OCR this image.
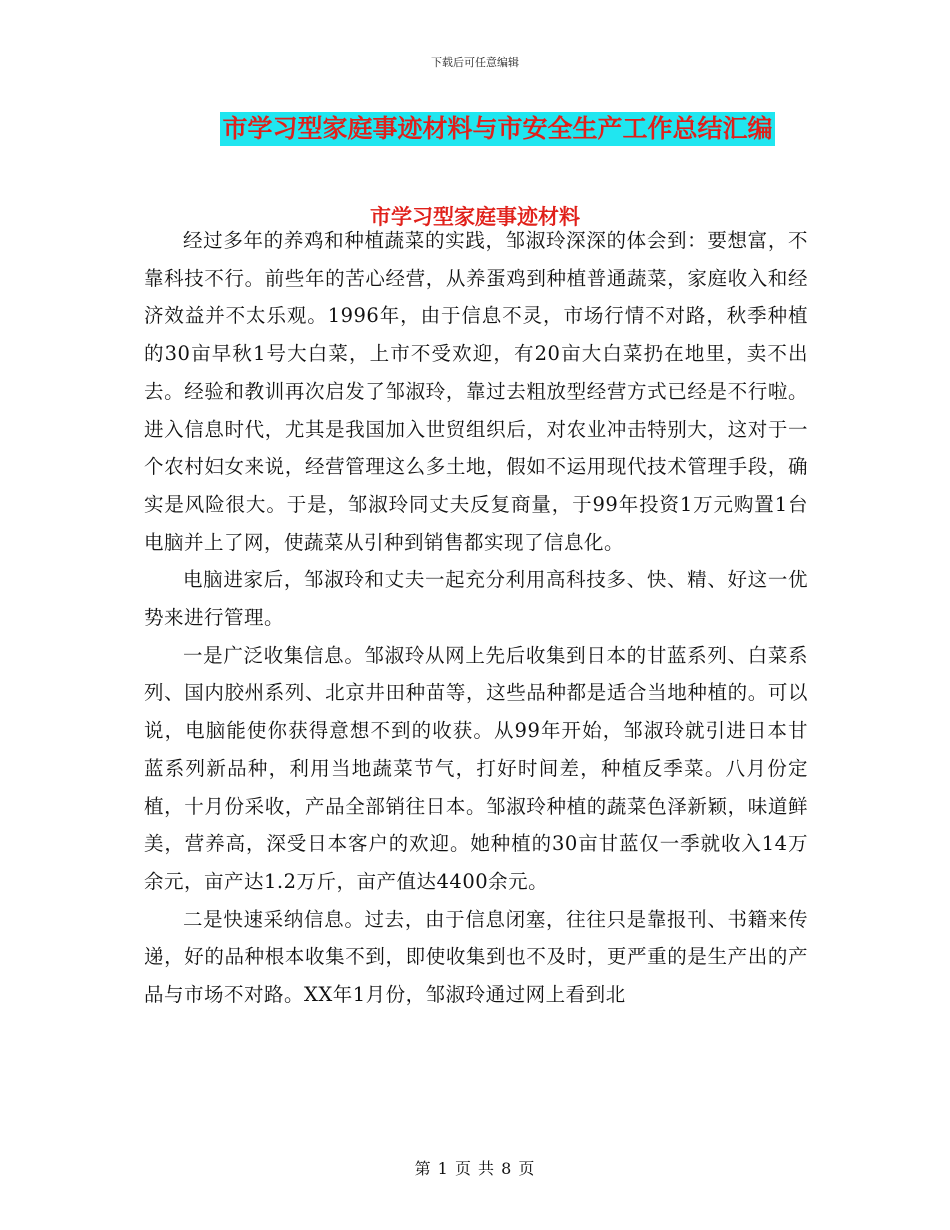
下载后可任意编辑
市学习型家庭事迹材料与市安全生产工作总结汇编
市学习型家庭事迹材料

经过多年的养鸡和种植蔬菜的实践，邹淑玲深深的体会到：要想富，不靠科技不行。前些年的苦心经营，从养蛋鸡到种植普通蔬菜，家庭收入和经济效益并不太乐观。1996年，由于信息不灵，市场行情不对路，秋季种植的30亩早秋1号大白菜，上市不受欢迎，有20亩大白菜扔在地里，卖不出去。经验和教训再次启发了邹淑玲，靠过去粗放型经营方式已经是不行啦。进入信息时代，尤其是我国加入世贸组织后，对农业冲击特别大，这对于一个农村妇女来说，经营管理这么多土地，假如不运用现代技术管理手段，确实是风险很大。于是，邹淑玲同丈夫反复商量，于99年投资1万元购置1台电脑并上了网，使蔬菜从引种到销售都实现了信息化。

电脑进家后，邹淑玲和丈夫一起充分利用高科技多、快、精、好这一优势来进行管理。

一是广泛收集信息。邹淑玲从网上先后收集到日本的甘蓝系列、白菜系列、国内胶州系列、北京井田种苗等，这些品种都是适合当地种植的。可以说，电脑能使你获得意想不到的收获。从99年开始，邹淑玲就引进日本甘蓝系列新品种，利用当地蔬菜节气，打好时间差，种植反季菜。八月份定植，十月份采收，产品全部销往日本。邹淑玲种植的蔬菜色泽新颖，味道鲜美，营养高，深受日本客户的欢迎。她种植的30亩甘蓝仅一季就收入14万余元，亩产达1.2万斤，亩产值达4400余元。

二是快速采纳信息。过去，由于信息闭塞，往往只是靠报刊、书籍来传递，好的品种根本收集不到，即使收集到也不及时，更严重的是生产出的产品与市场不对路。XX年1月份，邹淑玲通过网上看到北

第 1 页 共 8 页
